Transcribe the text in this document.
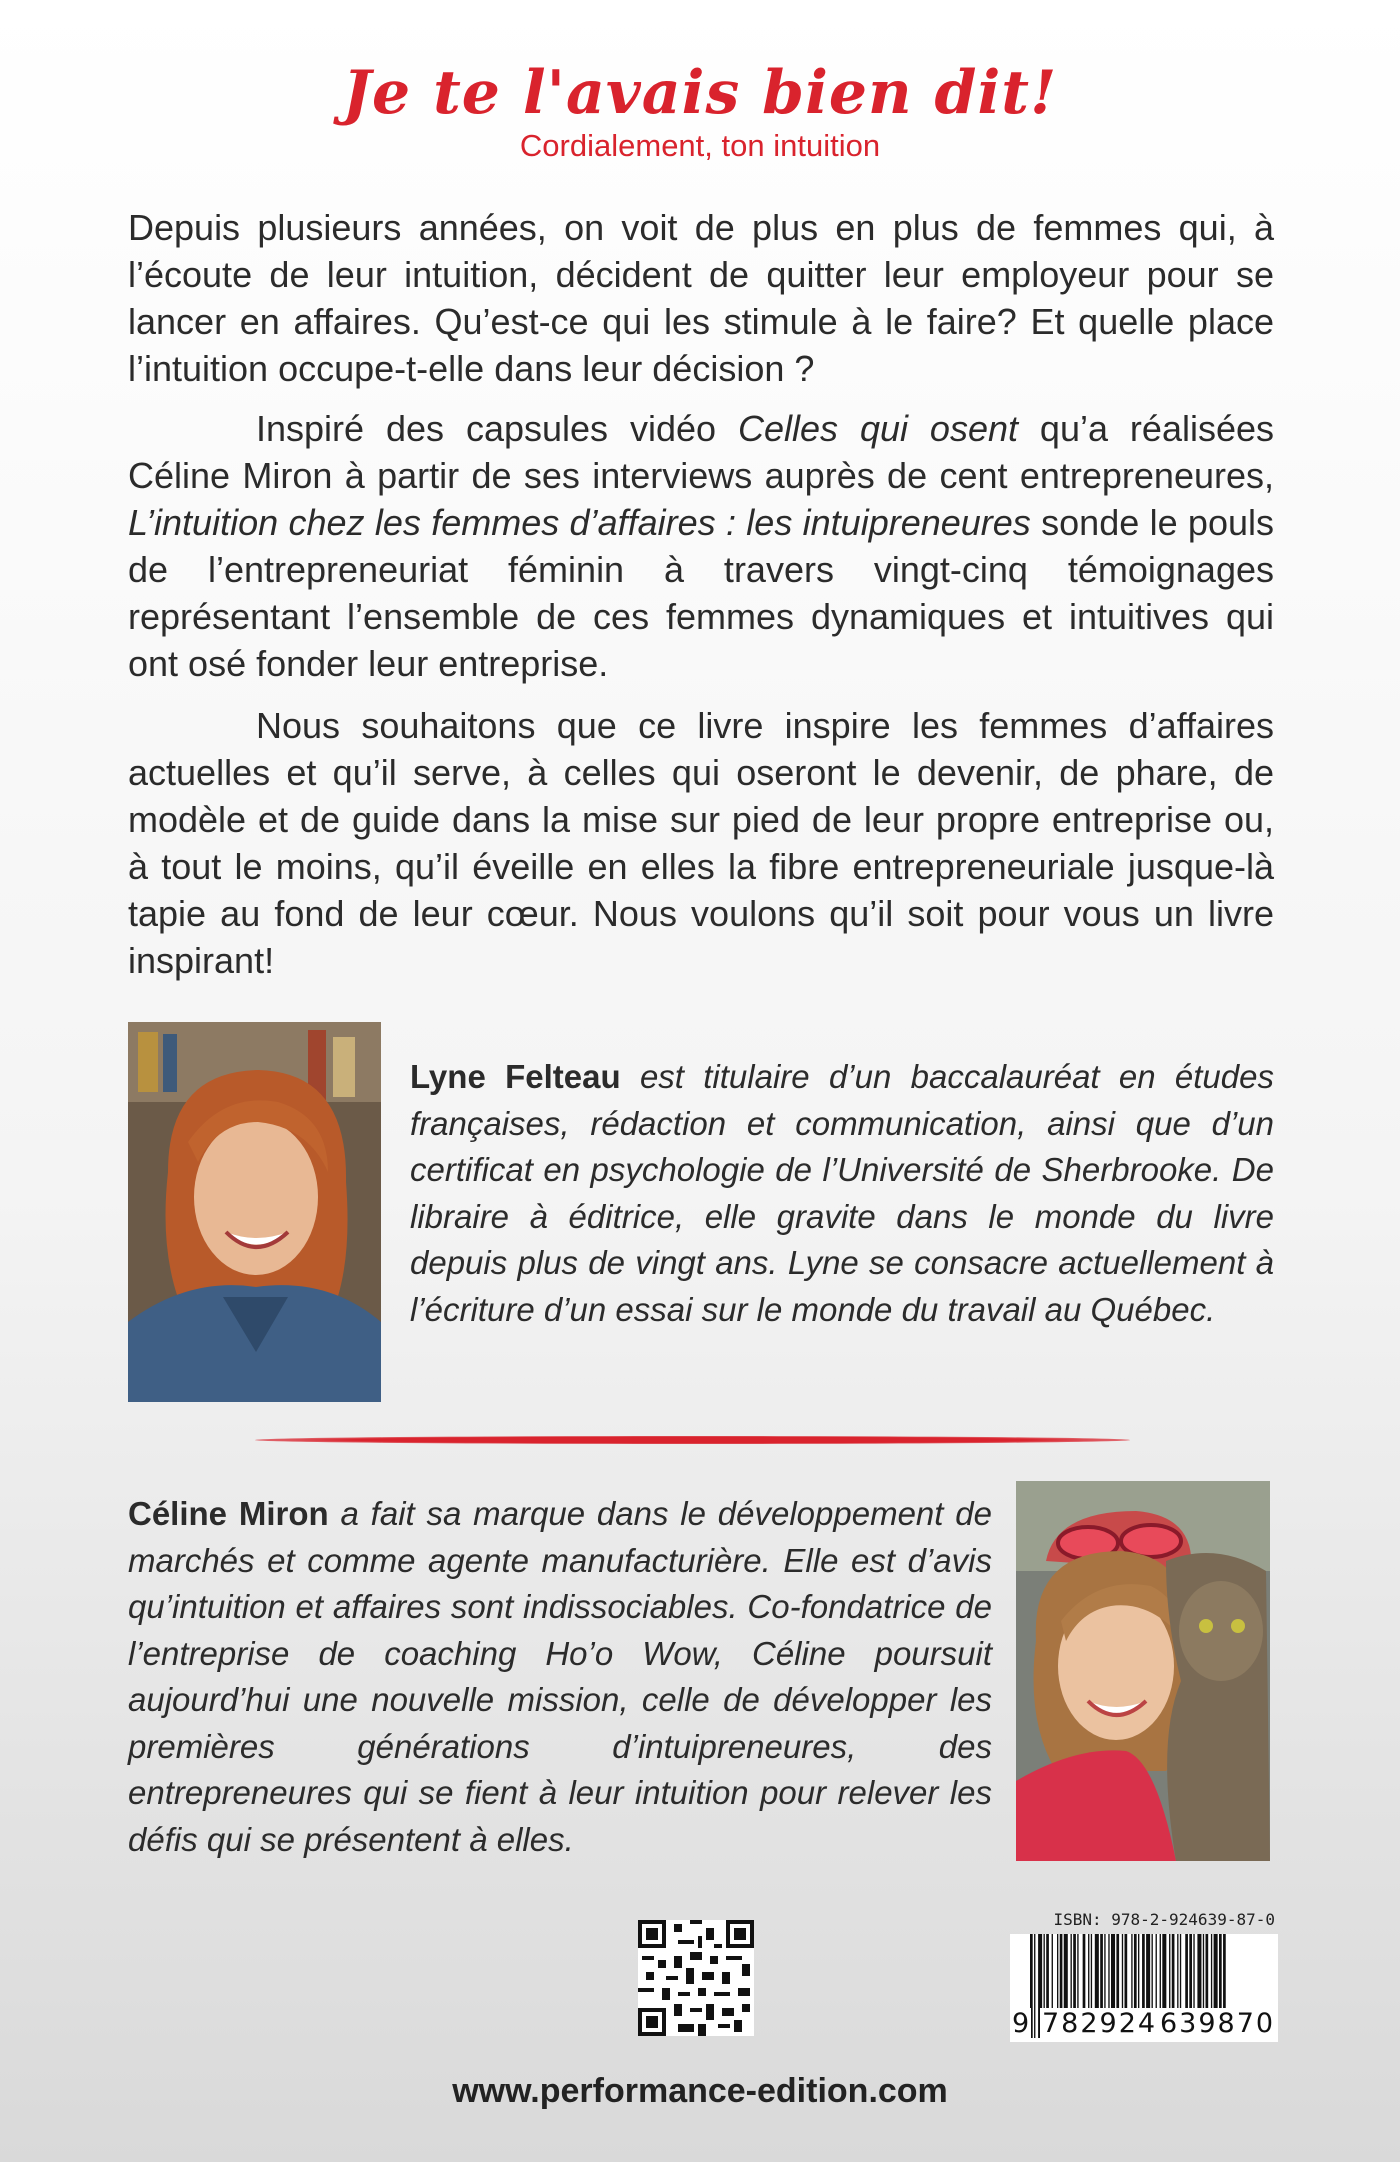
Je te l'avais bien dit!
Cordialement, ton intuition
Depuis plusieurs années, on voit de plus en plus de femmes qui, à l’écoute de leur intuition, décident de quitter leur employeur pour se lancer en affaires. Qu’est-ce qui les stimule à le faire? Et quelle place l’intuition occupe-t-elle dans leur décision ?
Inspiré des capsules vidéo Celles qui osent qu’a réalisées Céline Miron à partir de ses interviews auprès de cent entrepreneures, L’intuition chez les femmes d’affaires : les intuipreneures sonde le pouls de l’entrepreneuriat féminin à travers vingt-cinq témoignages représentant l’ensemble de ces femmes dynamiques et intuitives qui ont osé fonder leur entreprise.
Nous souhaitons que ce livre inspire les femmes d’affaires actuelles et qu’il serve, à celles qui oseront le devenir, de phare, de modèle et de guide dans la mise sur pied de leur propre entreprise ou, à tout le moins, qu’il éveille en elles la fibre entrepreneuriale jusque-là tapie au fond de leur cœur. Nous voulons qu’il soit pour vous un livre inspirant!
Lyne Felteau est titulaire d’un baccalauréat en études françaises, rédaction et communication, ainsi que d’un certificat en psychologie de l’Université de Sherbrooke. De libraire à éditrice, elle gravite dans le monde du livre depuis plus de vingt ans. Lyne se consacre actuellement à l’écriture d’un essai sur le monde du travail au Québec.
Céline Miron a fait sa marque dans le développement de marchés et comme agente manufacturière. Elle est d’avis qu’intuition et affaires sont indissociables. Co-fondatrice de l’entreprise de coaching Ho’o Wow, Céline poursuit aujourd’hui une nouvelle mission, celle de développer les premières générations d’intuipreneures, des entrepreneures qui se fient à leur intuition pour relever les défis qui se présentent à elles.
ISBN: 978-2-924639-87-0
9 782924 639870
www.performance-edition.com
